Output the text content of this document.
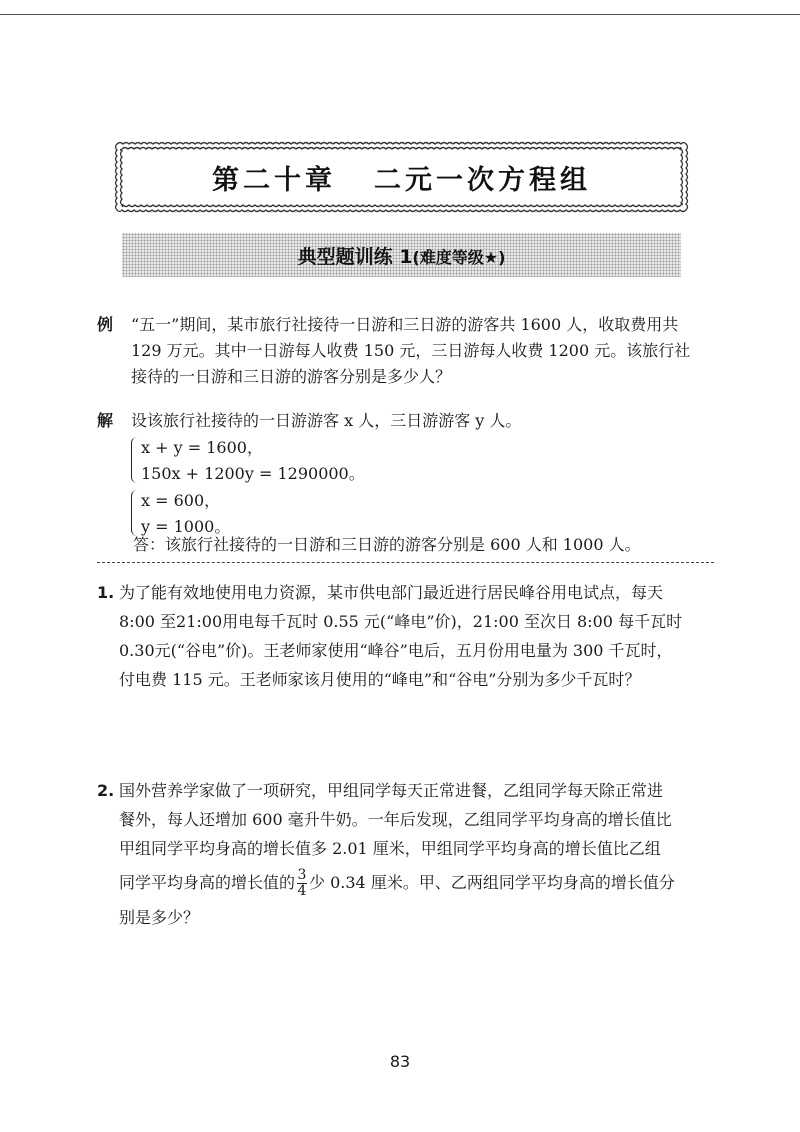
第二十章 二元一次方程组
典型题训练 1(难度等级★)
例 “五一”期间，某市旅行社接待一日游和三日游的游客共 1600 人，收取费用共
129 万元。其中一日游每人收费 150 元，三日游每人收费 1200 元。该旅行社
接待的一日游和三日游的游客分别是多少人？
解 设该旅行社接待的一日游游客 x 人，三日游游客 y 人。
x + y = 1600，
150x + 1200y = 1290000。
x = 600，
y = 1000。
答：该旅行社接待的一日游和三日游的游客分别是 600 人和 1000 人。
1. 为了能有效地使用电力资源，某市供电部门最近进行居民峰谷用电试点，每天
8:00 至21:00用电每千瓦时 0.55 元(“峰电”价)，21:00 至次日 8:00 每千瓦时
0.30元(“谷电”价)。王老师家使用“峰谷”电后，五月份用电量为 300 千瓦时，
付电费 115 元。王老师家该月使用的“峰电”和“谷电”分别为多少千瓦时？
2. 国外营养学家做了一项研究，甲组同学每天正常进餐，乙组同学每天除正常进
餐外，每人还增加 600 毫升牛奶。一年后发现，乙组同学平均身高的增长值比
甲组同学平均身高的增长值多 2.01 厘米，甲组同学平均身高的增长值比乙组
同学平均身高的增长值的 $\frac{3}{4}$ 少 0.34 厘米。甲、乙两组同学平均身高的增长值分
别是多少？
83
